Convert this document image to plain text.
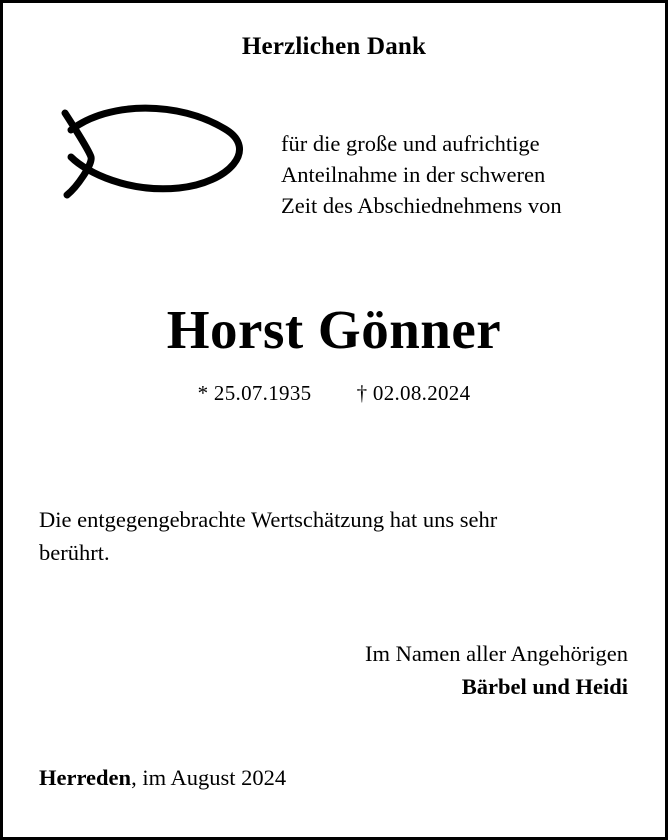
Herzlichen Dank
für die große und aufrichtige
Anteilnahme in der schweren
Zeit des Abschiednehmens von
Horst Gönner
* 25.07.1935 † 02.08.2024
Die entgegengebrachte Wertschätzung hat uns sehr
berührt.
Im Namen aller Angehörigen
Bärbel und Heidi
Herreden, im August 2024
